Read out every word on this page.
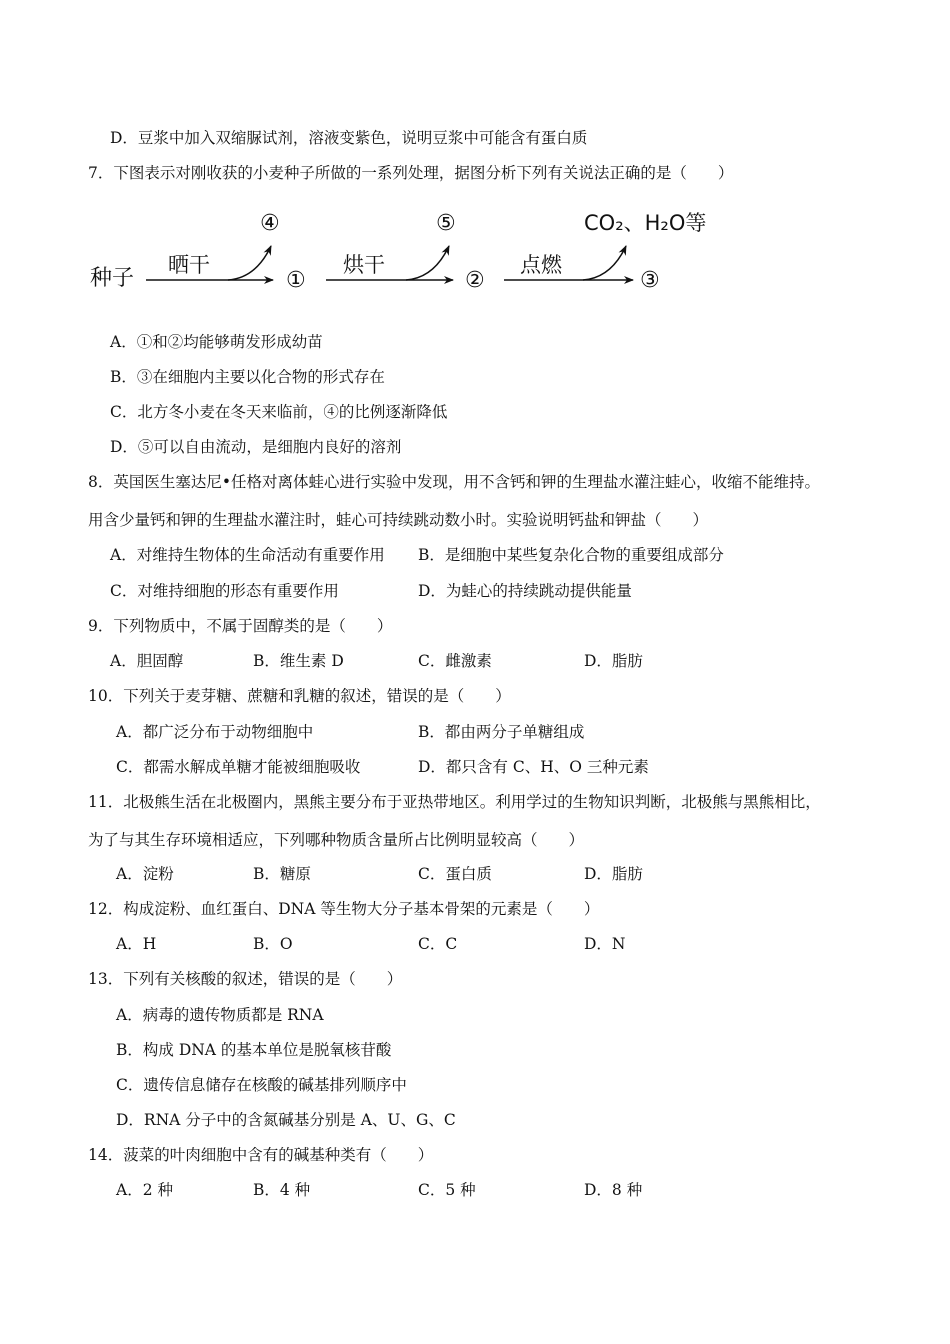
D．豆浆中加入双缩脲试剂，溶液变紫色，说明豆浆中可能含有蛋白质
7．下图表示对刚收获的小麦种子所做的一系列处理，据图分析下列有关说法正确的是（　　）
种子
晒干
④
①
烘干
⑤
②
点燃
CO₂、H₂O等
③
A．①和②均能够萌发形成幼苗
B．③在细胞内主要以化合物的形式存在
C．北方冬小麦在冬天来临前，④的比例逐渐降低
D．⑤可以自由流动，是细胞内良好的溶剂
8．英国医生塞达尼•任格对离体蛙心进行实验中发现，用不含钙和钾的生理盐水灌注蛙心，收缩不能维持。
用含少量钙和钾的生理盐水灌注时，蛙心可持续跳动数小时。实验说明钙盐和钾盐（　　）
A．对维持生物体的生命活动有重要作用 B．是细胞中某些复杂化合物的重要组成部分
C．对维持细胞的形态有重要作用	D．为蛙心的持续跳动提供能量
9．下列物质中，不属于固醇类的是（　　）
A．胆固醇	B．维生素 D	C．雌激素	D．脂肪
10．下列关于麦芽糖、蔗糖和乳糖的叙述，错误的是（　　）
A．都广泛分布于动物细胞中	B．都由两分子单糖组成
C．都需水解成单糖才能被细胞吸收	D．都只含有 C、H、O 三种元素
11．北极熊生活在北极圈内，黑熊主要分布于亚热带地区。利用学过的生物知识判断，北极熊与黑熊相比，
为了与其生存环境相适应，下列哪种物质含量所占比例明显较高（　　）
A．淀粉	B．糖原	C．蛋白质	D．脂肪
12．构成淀粉、血红蛋白、DNA 等生物大分子基本骨架的元素是（　　）
A．H	B．O	C．C	D．N
13．下列有关核酸的叙述，错误的是（　　）
A．病毒的遗传物质都是 RNA
B．构成 DNA 的基本单位是脱氧核苷酸
C．遗传信息储存在核酸的碱基排列顺序中
D．RNA 分子中的含氮碱基分别是 A、U、G、C
14．菠菜的叶肉细胞中含有的碱基种类有（　　）
A．2 种	B．4 种	C．5 种	D．8 种
